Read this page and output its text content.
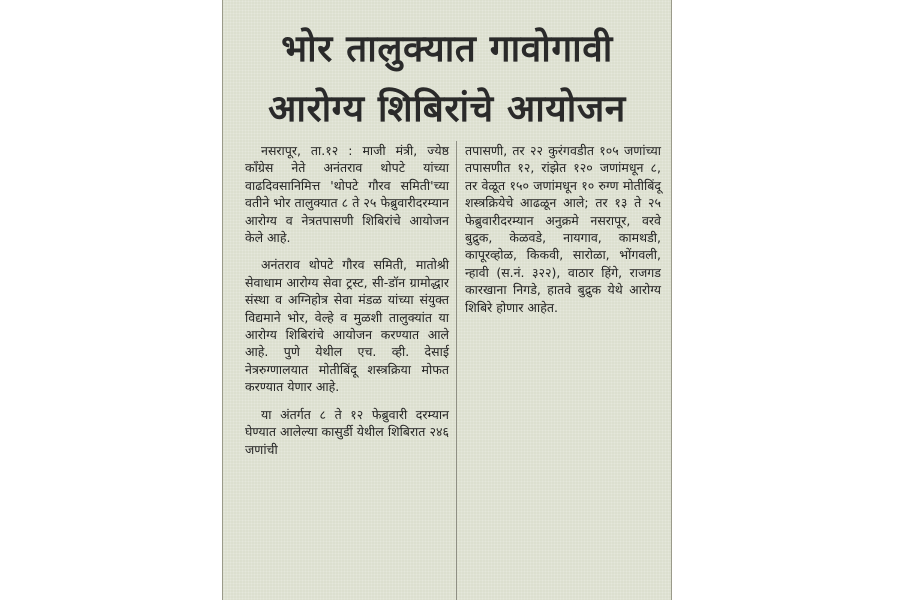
भोर तालुक्यात गावोगावी
आरोग्य शिबिरांचे आयोजन

नसरापूर, ता.१२ : माजी मंत्री, ज्येष्ठ कॉंग्रेस नेते अनंतराव थोपटे यांच्या वाढदिवसानिमित्त 'थोपटे गौरव समिती'च्या वतीने भोर तालुक्यात ८ ते २५ फेब्रुवारीदरम्यान आरोग्य व नेत्रतपासणी शिबिरांचे आयोजन केले आहे.

अनंतराव थोपटे गौरव समिती, मातोश्री सेवाधाम आरोग्य सेवा ट्रस्ट, सी-डॉन ग्रामोद्धार संस्था व अग्निहोत्र सेवा मंडळ यांच्या संयुक्त विद्यमाने भोर, वेल्हे व मुळशी तालुक्यांत या आरोग्य शिबिरांचे आयोजन करण्यात आले आहे. पुणे येथील एच. व्ही. देसाई नेत्ररुग्णालयात मोतीबिंदू शस्त्रक्रिया मोफत करण्यात येणार आहे.

या अंतर्गत ८ ते १२ फेब्रुवारी दरम्यान घेण्यात आलेल्या कासुर्डी येथील शिबिरात २४६ जणांची

तपासणी, तर २२ कुरंगवडीत १०५ जणांच्या तपासणीत १२, रांझेत १२० जणांमधून ८, तर वेळूत १५० जणांमधून १० रुग्ण मोतीबिंदू शस्त्रक्रियेचे आढळून आले; तर १३ ते २५ फेब्रुवारीदरम्यान अनुक्रमे नसरापूर, वरवे बुद्रुक, केळवडे, नायगाव, कामथडी, कापूरव्होळ, किकवी, सारोळा, भोंगवली, न्हावी (स.नं. ३२२), वाठार हिंगे, राजगड कारखाना निगडे, हातवे बुद्रुक येथे आरोग्य शिबिरे होणार आहेत.
